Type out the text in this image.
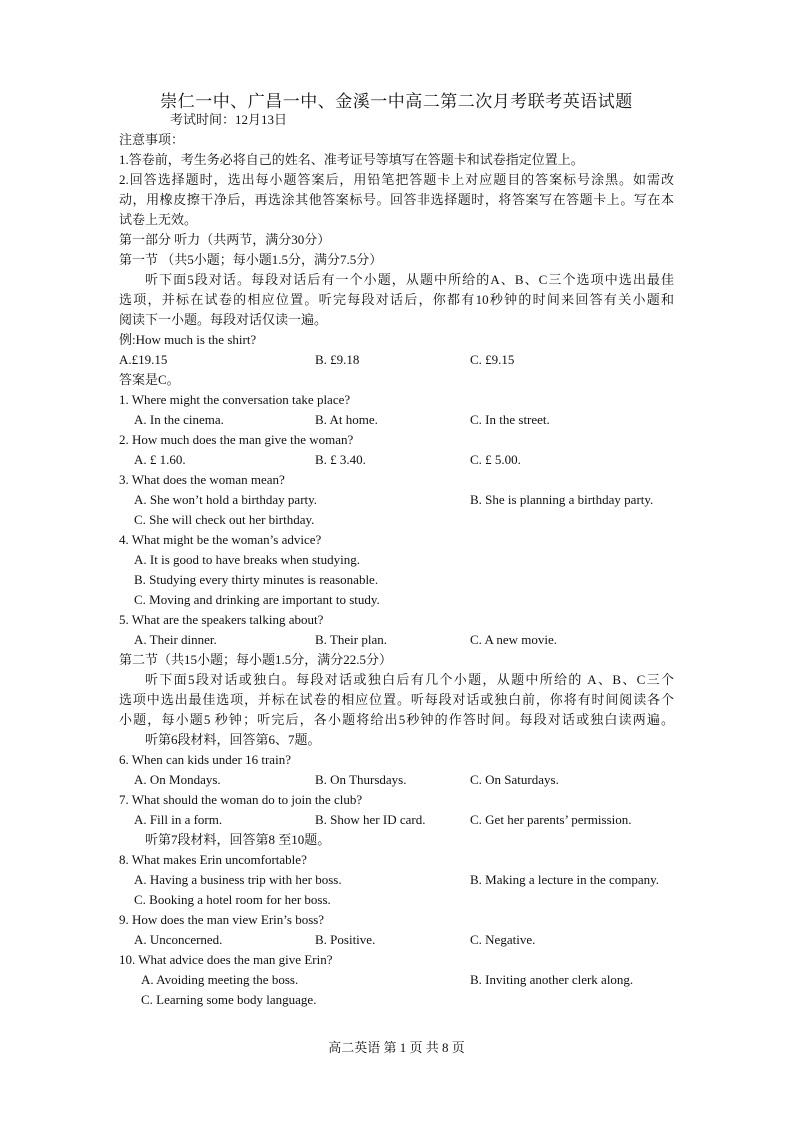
崇仁一中、广昌一中、金溪一中高二第二次月考联考英语试题
考试时间：12月13日
注意事项：
1.答卷前，考生务必将自己的姓名、准考证号等填写在答题卡和试卷指定位置上。
2.回答选择题时，选出每小题答案后，用铅笔把答题卡上对应题目的答案标号涂黑。如需改
动，用橡皮擦干净后，再选涂其他答案标号。回答非选择题时，将答案写在答题卡上。写在本
试卷上无效。
第一部分 听力（共两节，满分30分）
第一节 （共5小题；每小题1.5分，满分7.5分）
听下面5段对话。每段对话后有一个小题，从题中所给的A、B、C三个选项中选出最佳
选项，并标在试卷的相应位置。听完每段对话后，你都有10秒钟的时间来回答有关小题和
阅读下一小题。每段对话仅读一遍。
例:How much is the shirt?
A.£19.15	B. £9.18	C. £9.15
答案是C。
1. Where might the conversation take place?
A. In the cinema.	B. At home.	C. In the street.
2. How much does the man give the woman?
A. £ 1.60.	B. £ 3.40.	C. £ 5.00.
3. What does the woman mean?
A. She won’t hold a birthday party.	B. She is planning a birthday party.
C. She will check out her birthday.
4. What might be the woman’s advice?
A. It is good to have breaks when studying.
B. Studying every thirty minutes is reasonable.
C. Moving and drinking are important to study.
5. What are the speakers talking about?
A. Their dinner.	B. Their plan.	C. A new movie.
第二节（共15小题；每小题1.5分，满分22.5分）
听下面5段对话或独白。每段对话或独白后有几个小题，从题中所给的 A、B、C三个
选项中选出最佳选项，并标在试卷的相应位置。听每段对话或独白前，你将有时间阅读各个
小题，每小题5 秒钟；听完后，各小题将给出5秒钟的作答时间。每段对话或独白读两遍。
听第6段材料，回答第6、7题。
6. When can kids under 16 train?
A. On Mondays.	B. On Thursdays.	C. On Saturdays.
7. What should the woman do to join the club?
A. Fill in a form.	B. Show her ID card.	C. Get her parents’ permission.
听第7段材料，回答第8 至10题。
8. What makes Erin uncomfortable?
A. Having a business trip with her boss.	B. Making a lecture in the company.
C. Booking a hotel room for her boss.
9. How does the man view Erin’s boss?
A. Unconcerned.	B. Positive.	C. Negative.
10. What advice does the man give Erin?
A. Avoiding meeting the boss.	B. Inviting another clerk along.
C. Learning some body language.
高二英语 第 1 页 共 8 页
